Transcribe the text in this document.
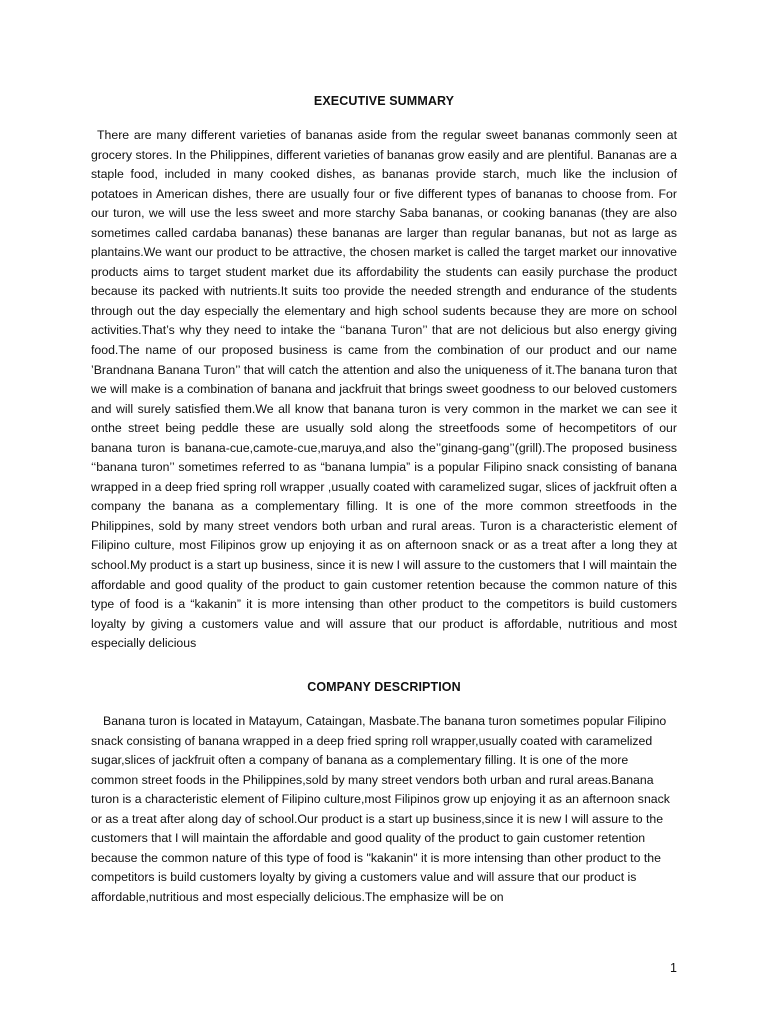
EXECUTIVE SUMMARY

There are many different varieties of bananas aside from the regular sweet bananas commonly seen at grocery stores. In the Philippines, different varieties of bananas grow easily and are plentiful. Bananas are a staple food, included in many cooked dishes, as bananas provide starch, much like the inclusion of potatoes in American dishes, there are usually four or five different types of bananas to choose from. For our turon, we will use the less sweet and more starchy Saba bananas, or cooking bananas (they are also sometimes called cardaba bananas) these bananas are larger than regular bananas, but not as large as plantains.We want our product to be attractive, the chosen market is called the target market our innovative products aims to target student market due its affordability the students can easily purchase the product because its packed with nutrients.It suits too provide the needed strength and endurance of the students through out the day especially the elementary and high school sudents because they are more on school activities.That’s why they need to intake the ‘‘banana Turon’’ that are not delicious but also energy giving food.The name of our proposed business is came from the combination of our product and our name ’Brandnana Banana Turon’’ that will catch the attention and also the uniqueness of it.The banana turon that we will make is a combination of banana and jackfruit that brings sweet goodness to our beloved customers and will surely satisfied them.We all know that banana turon is very common in the market we can see it onthe street being peddle these are usually sold along the streetfoods some of hecompetitors of our banana turon is banana-cue,camote-cue,maruya,and also the’’ginang-gang’’(grill).The proposed business ‘‘banana turon’’ sometimes referred to as “banana lumpia” is a popular Filipino snack consisting of banana wrapped in a deep fried spring roll wrapper ,usually coated with caramelized sugar, slices of jackfruit often a company the banana as a complementary filling. It is one of the more common streetfoods in the Philippines, sold by many street vendors both urban and rural areas. Turon is a characteristic element of Filipino culture, most Filipinos grow up enjoying it as on afternoon snack or as a treat after a long they at school.My product is a start up business, since it is new I will assure to the customers that I will maintain the affordable and good quality of the product to gain customer retention because the common nature of this type of food is a “kakanin” it is more intensing than other product to the competitors is build customers loyalty by giving a customers value and will assure that our product is affordable, nutritious and most especially delicious

COMPANY DESCRIPTION

Banana turon is located in Matayum, Cataingan, Masbate.The banana turon sometimes popular Filipino snack consisting of banana wrapped in a deep fried spring roll wrapper,usually coated with caramelized sugar,slices of jackfruit often a company of banana as a complementary filling. It is one of the more common street foods in the Philippines,sold by many street vendors both urban and rural areas.Banana turon is a characteristic element of Filipino culture,most Filipinos grow up enjoying it as an afternoon snack or as a treat after along day of school.Our product is a start up business,since it is new I will assure to the customers that I will maintain the affordable and good quality of the product to gain customer retention because the common nature of this type of food is "kakanin" it is more intensing than other product to the competitors is build customers loyalty by giving a customers value and will assure that our product is affordable,nutritious and most especially delicious.The emphasize will be on

1
